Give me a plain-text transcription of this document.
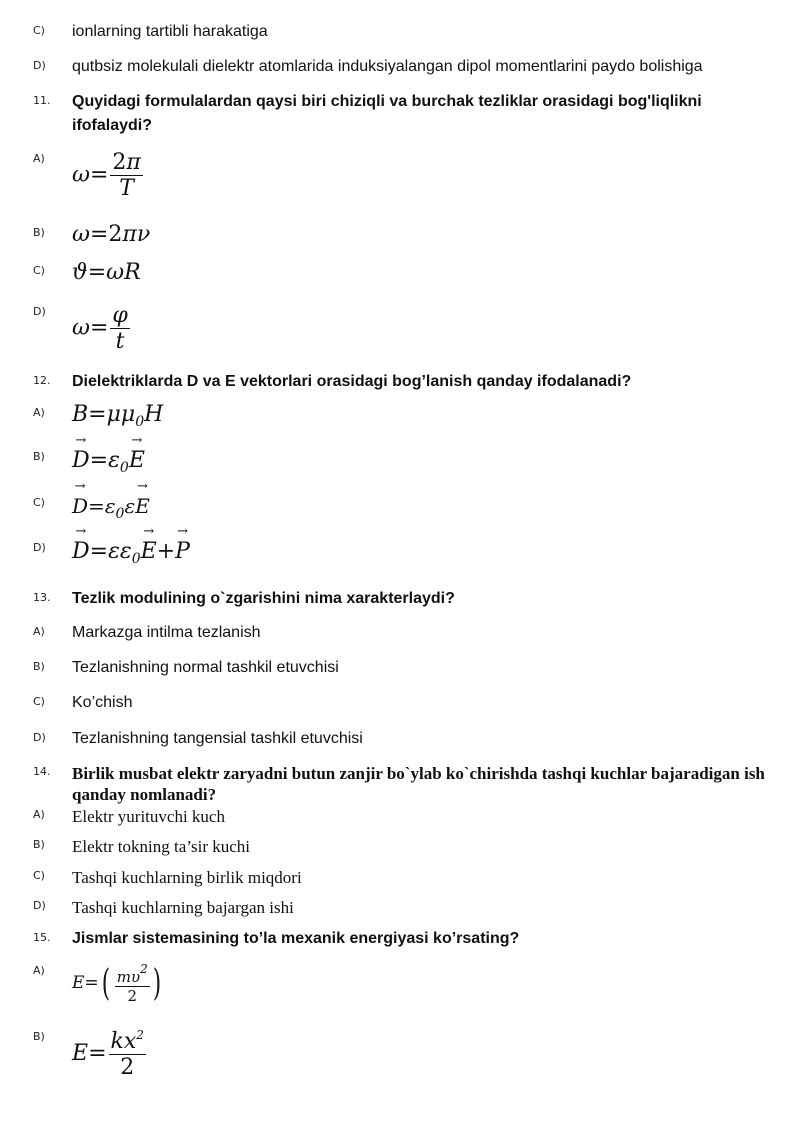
C) ionlarning tartibli harakatiga
D) qutbsiz molekulali dielektr atomlarida induksiyalangan dipol momentlarini paydo bolishiga
11. Quyidagi formulalardan qaysi biri chiziqli va burchak tezliklar orasidagi bog'liqlikni ifofalaydi?
A)
$\omega= \frac{2\pi}{T}$
B) ω=2πν
C) ϑ=ωR
D)
$\omega= \frac{\varphi}{t}$
12. Dielektriklarda D va E vektorlari orasidagi bog’lanish qanday ifodalanadi?
A) $B=\mu\mu_0H$
B)
→ $D=\varepsilon_0\to E$
C)
→ $D=\varepsilon_0\varepsilon\to E$
D)
→ $D=\varepsilon\varepsilon_0\to E+\to P$
13. Tezlik modulining o`zgarishini nima xarakterlaydi?
A) Markazga intilma tezlanish
B) Tezlanishning normal tashkil etuvchisi
C) Ko’chish
D) Tezlanishning tangensial tashkil etuvchisi
14. Birlik musbat elektr zaryadni butun zanjir bo`ylab ko`chirishda tashqi kuchlar bajaradigan ish qanday nomlanadi?
A) Elektr yurituvchi kuch
B) Elektr tokning ta’sir kuchi
C) Tashqi kuchlarning birlik miqdori
D) Tashqi kuchlarning bajargan ishi
15. Jismlar sistemasining to’la mexanik energiyasi ko’rsating?
A)
$E=( \frac{m\upsilon^2}{2}$ )
B)
$E= \frac{kx^2}{2}$
